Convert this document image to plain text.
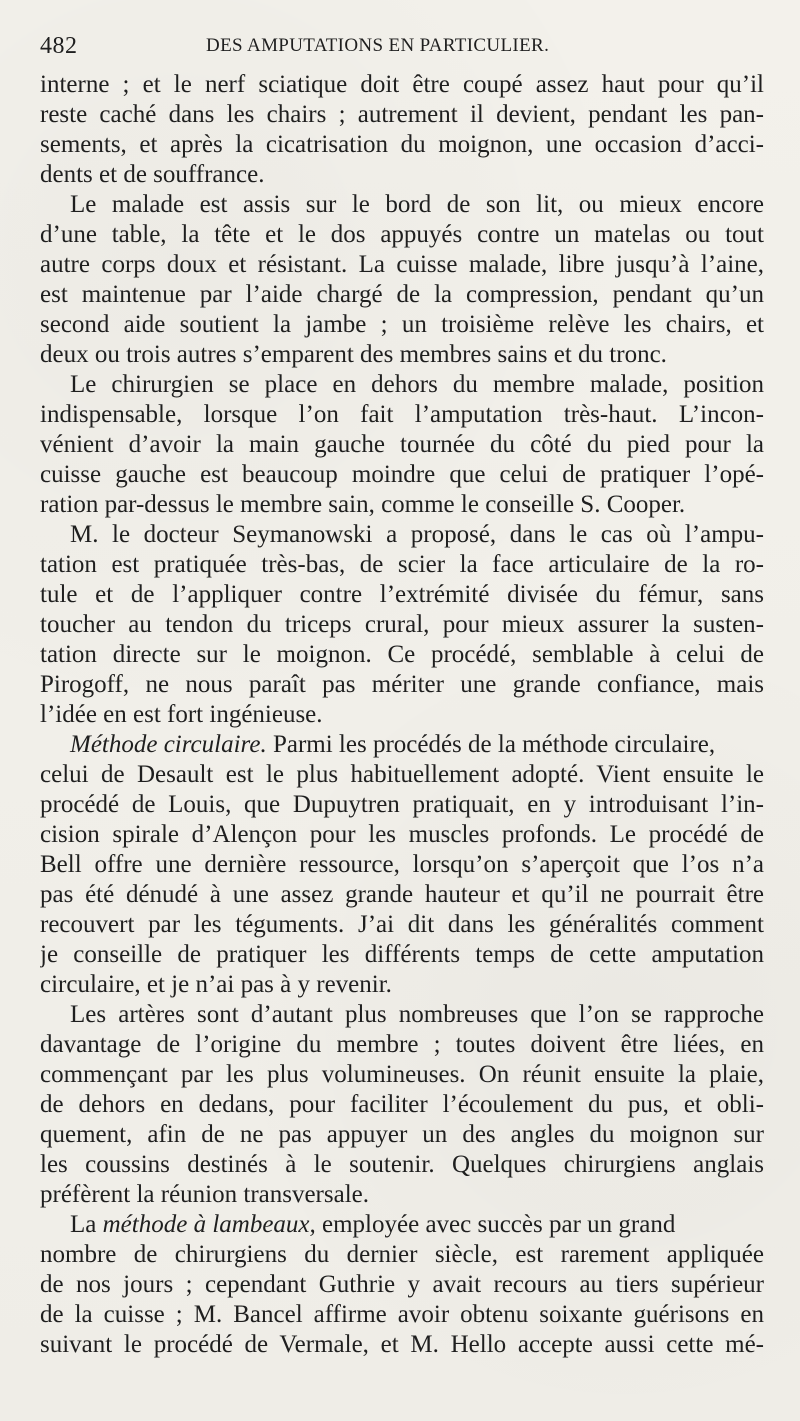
482	DES AMPUTATIONS EN PARTICULIER.
interne ; et le nerf sciatique doit être coupé assez haut pour qu’il
reste caché dans les chairs ; autrement il devient, pendant les pan-
sements, et après la cicatrisation du moignon, une occasion d’acci-
dents et de souffrance.
Le malade est assis sur le bord de son lit, ou mieux encore
d’une table, la tête et le dos appuyés contre un matelas ou tout
autre corps doux et résistant. La cuisse malade, libre jusqu’à l’aine,
est maintenue par l’aide chargé de la compression, pendant qu’un
second aide soutient la jambe ; un troisième relève les chairs, et
deux ou trois autres s’emparent des membres sains et du tronc.
Le chirurgien se place en dehors du membre malade, position
indispensable, lorsque l’on fait l’amputation très-haut. L’incon-
vénient d’avoir la main gauche tournée du côté du pied pour la
cuisse gauche est beaucoup moindre que celui de pratiquer l’opé-
ration par-dessus le membre sain, comme le conseille S. Cooper.
M. le docteur Seymanowski a proposé, dans le cas où l’ampu-
tation est pratiquée très-bas, de scier la face articulaire de la ro-
tule et de l’appliquer contre l’extrémité divisée du fémur, sans
toucher au tendon du triceps crural, pour mieux assurer la susten-
tation directe sur le moignon. Ce procédé, semblable à celui de
Pirogoff, ne nous paraît pas mériter une grande confiance, mais
l’idée en est fort ingénieuse.
Méthode circulaire. Parmi les procédés de la méthode circulaire,
celui de Desault est le plus habituellement adopté. Vient ensuite le
procédé de Louis, que Dupuytren pratiquait, en y introduisant l’in-
cision spirale d’Alençon pour les muscles profonds. Le procédé de
Bell offre une dernière ressource, lorsqu’on s’aperçoit que l’os n’a
pas été dénudé à une assez grande hauteur et qu’il ne pourrait être
recouvert par les téguments. J’ai dit dans les généralités comment
je conseille de pratiquer les différents temps de cette amputation
circulaire, et je n’ai pas à y revenir.
Les artères sont d’autant plus nombreuses que l’on se rapproche
davantage de l’origine du membre ; toutes doivent être liées, en
commençant par les plus volumineuses. On réunit ensuite la plaie,
de dehors en dedans, pour faciliter l’écoulement du pus, et obli-
quement, afin de ne pas appuyer un des angles du moignon sur
les coussins destinés à le soutenir. Quelques chirurgiens anglais
préfèrent la réunion transversale.
La méthode à lambeaux, employée avec succès par un grand
nombre de chirurgiens du dernier siècle, est rarement appliquée
de nos jours ; cependant Guthrie y avait recours au tiers supérieur
de la cuisse ; M. Bancel affirme avoir obtenu soixante guérisons en
suivant le procédé de Vermale, et M. Hello accepte aussi cette mé-
